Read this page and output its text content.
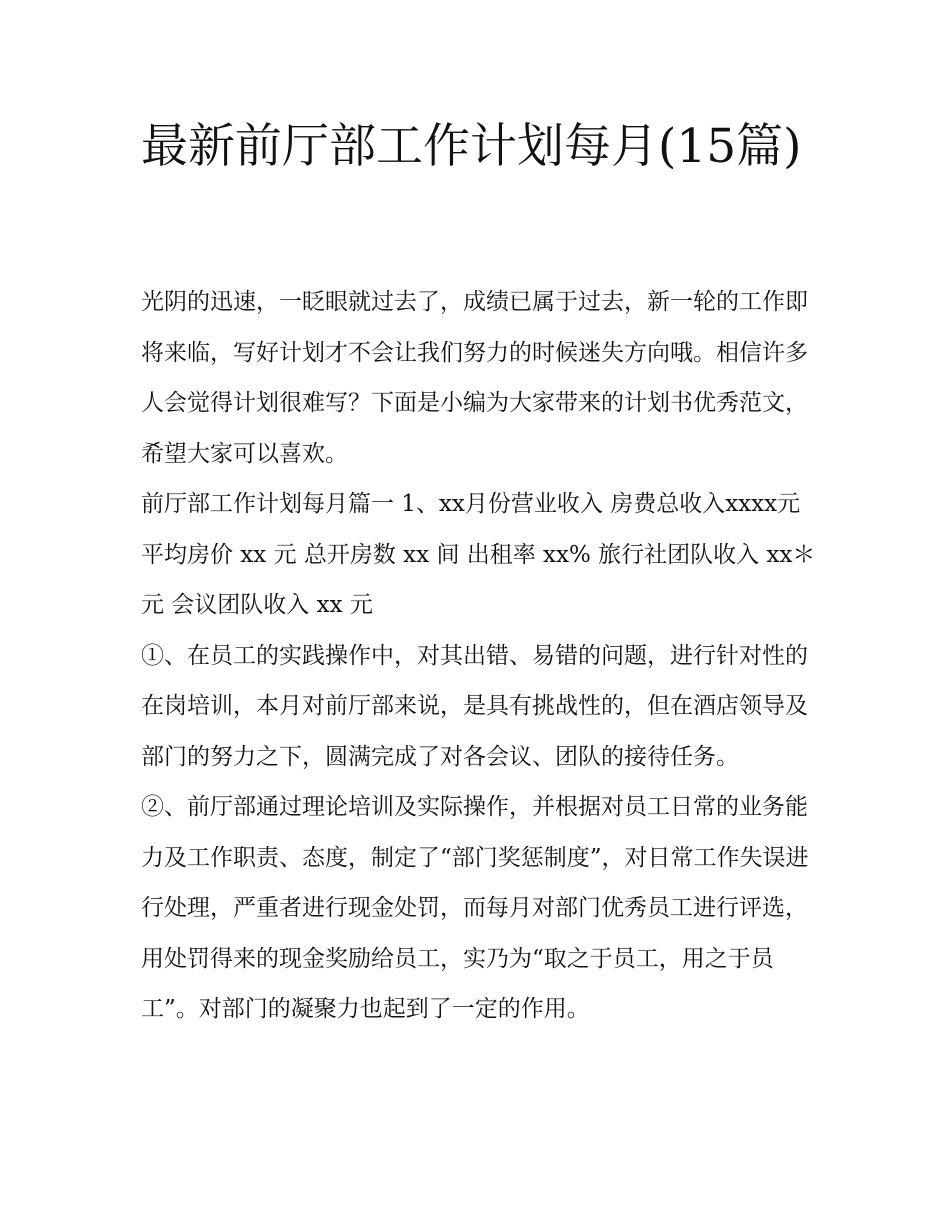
最新前厅部工作计划每月(15篇)

光阴的迅速，一眨眼就过去了，成绩已属于过去，新一轮的工作即将来临，写好计划才不会让我们努力的时候迷失方向哦。相信许多人会觉得计划很难写？下面是小编为大家带来的计划书优秀范文，希望大家可以喜欢。

前厅部工作计划每月篇一 1、xx月份营业收入 房费总收入xxxx元 平均房价 xx 元 总开房数 xx 间 出租率 xx% 旅行社团队收入 xx＊元 会议团队收入 xx 元

①、在员工的实践操作中，对其出错、易错的问题，进行针对性的在岗培训，本月对前厅部来说，是具有挑战性的，但在酒店领导及部门的努力之下，圆满完成了对各会议、团队的接待任务。

②、前厅部通过理论培训及实际操作，并根据对员工日常的业务能力及工作职责、态度，制定了“部门奖惩制度”，对日常工作失误进行处理，严重者进行现金处罚，而每月对部门优秀员工进行评选，用处罚得来的现金奖励给员工，实乃为“取之于员工，用之于员工”。对部门的凝聚力也起到了一定的作用。
